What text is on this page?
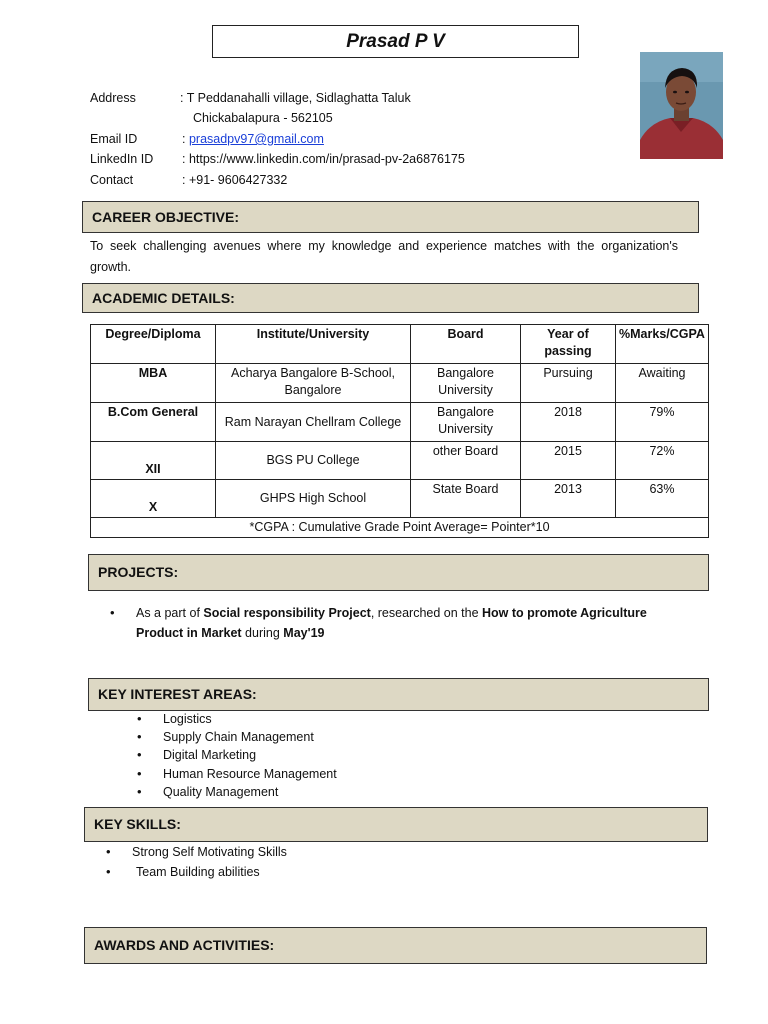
Prasad P V
Address	: T Peddanahalli village, Sidlaghatta Taluk
Chickabalapura - 562105
Email ID	: prasadpv97@gmail.com
LinkedIn ID : https://www.linkedin.com/in/prasad-pv-2a6876175
Contact	: +91- 9606427332
CAREER OBJECTIVE:
To seek challenging avenues where my knowledge and experience matches with the organization's growth.
ACADEMIC DETAILS:
Degree/Diploma	Institute/University	Board	Year of passing	%Marks/CGPA
MBA	Acharya Bangalore B-School, Bangalore	Bangalore University	Pursuing	Awaiting
B.Com General	Ram Narayan Chellram College	Bangalore University	2018	79%
XII	BGS PU College	other Board	2015	72%
X	GHPS High School	State Board	2013	63%
*CGPA : Cumulative Grade Point Average= Pointer*10				
PROJECTS:
• As a part of Social responsibility Project, researched on the How to promote Agriculture Product in Market during May'19
KEY INTEREST AREAS:
• Logistics
• Supply Chain Management
• Digital Marketing
• Human Resource Management
• Quality Management
KEY SKILLS:
• Strong Self Motivating Skills
• Team Building abilities
AWARDS AND ACTIVITIES:
